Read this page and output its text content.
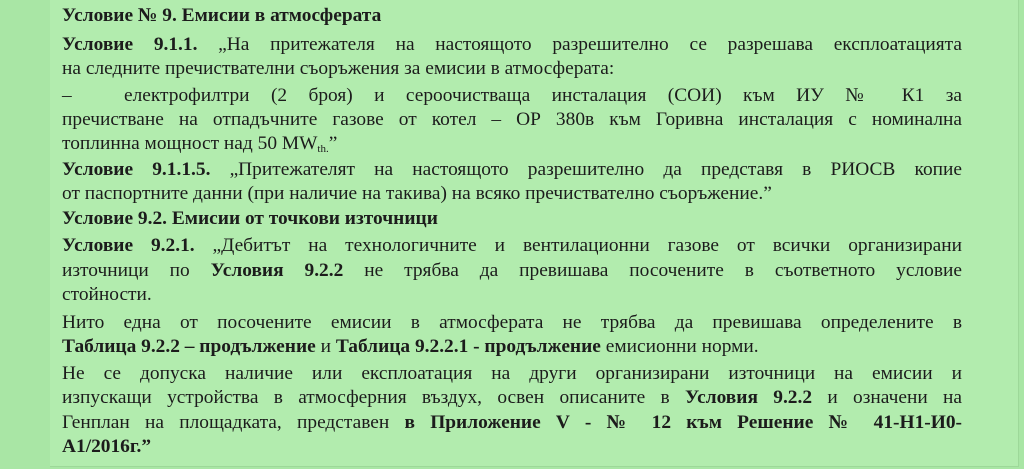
Условие № 9. Емисии в атмосферата
Условие 9.1.1. „На притежателя на настоящото разрешително се разрешава експлоатацията
на следните пречиствателни съоръжения за емисии в атмосферата:
–	електрофилтри (2 броя) и сероочистваща инсталация (СОИ) към ИУ № К1 за
пречистване на отпадъчните газове от котел – ОР 380в към Горивна инсталация с номинална
топлинна мощност над 50 $MW_{th.}$”
Условие 9.1.1.5. „Притежателят на настоящото разрешително да представя в РИОСВ копие
от паспортните данни (при наличие на такива) на всяко пречиствателно съоръжение.”
Условие 9.2. Емисии от точкови източници
Условие 9.2.1. „Дебитът на технологичните и вентилационни газове от всички организирани
източници по Условия 9.2.2 не трябва да превишава посочените в съответното условие
стойности.
Нито една от посочените емисии в атмосферата не трябва да превишава определените в
Таблица 9.2.2 – продължение и Таблица 9.2.2.1 - продължение емисионни норми.
Не се допуска наличие или експлоатация на други организирани източници на емисии и
изпускащи устройства в атмосферния въздух, освен описаните в Условия 9.2.2 и означени на
Генплан на площадката, представен в Приложение V - № 12 към Решение № 41-Н1-И0-
А1/2016г.”
